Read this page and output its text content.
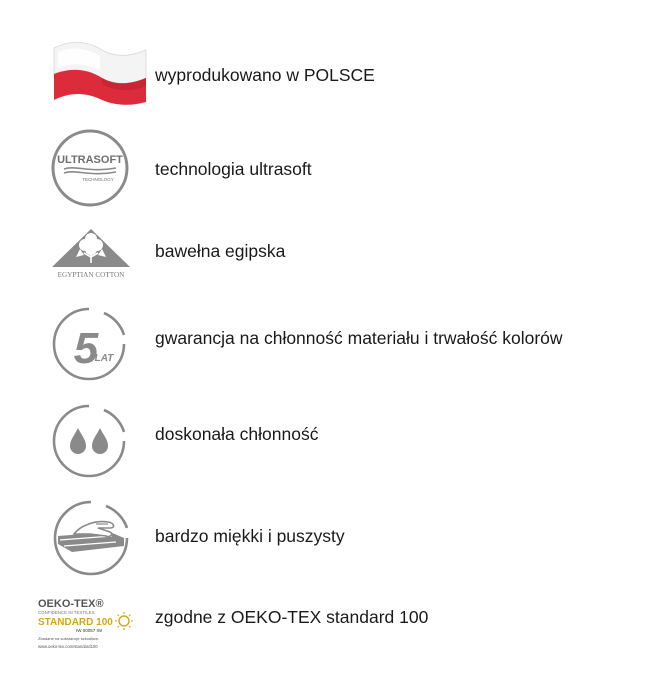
wyprodukowano w POLSCE
ULTRASOFT
TECHNOLOGY
technologia ultrasoft
EGYPTIAN COTTON
bawełna egipska
5
LAT
gwarancja na chłonność materiału i trwałość kolorów
doskonała chłonność
bardzo miękki i puszysty
OEKO-TEX®
CONFIDENCE IN TEXTILES
STANDARD 100
IW 00057 IW
Zbadane na substancje szkodliwe.
www.oeko-tex.com/standard100
zgodne z OEKO-TEX standard 100
